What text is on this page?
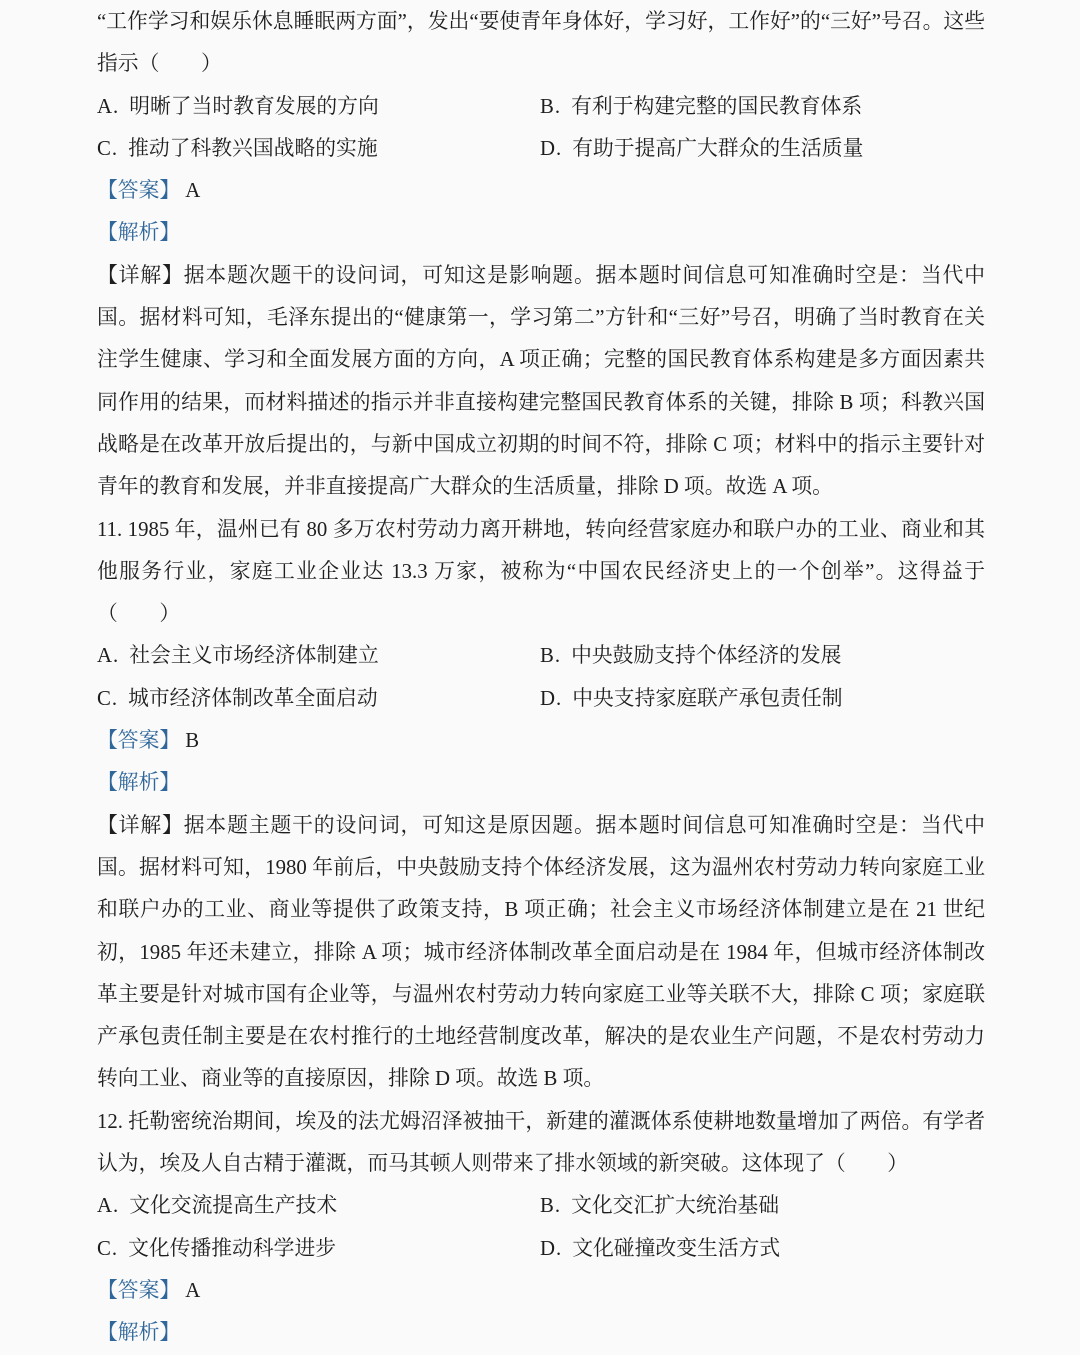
“工作学习和娱乐休息睡眠两方面”，发出“要使青年身体好，学习好，工作好”的“三好”号召。这些指示（　　）

A. 明晰了当时教育发展的方向	B. 有利于构建完整的国民教育体系
C. 推动了科教兴国战略的实施	D. 有助于提高广大群众的生活质量

【答案】 A

【解析】

【详解】据本题次题干的设问词，可知这是影响题。据本题时间信息可知准确时空是：当代中国。据材料可知，毛泽东提出的“健康第一，学习第二”方针和“三好”号召，明确了当时教育在关注学生健康、学习和全面发展方面的方向，A 项正确；完整的国民教育体系构建是多方面因素共同作用的结果，而材料描述的指示并非直接构建完整国民教育体系的关键，排除 B 项；科教兴国战略是在改革开放后提出的，与新中国成立初期的时间不符，排除 C 项；材料中的指示主要针对青年的教育和发展，并非直接提高广大群众的生活质量，排除 D 项。故选 A 项。

11. 1985 年，温州已有 80 多万农村劳动力离开耕地，转向经营家庭办和联户办的工业、商业和其他服务行业，家庭工业企业达 13.3 万家，被称为“中国农民经济史上的一个创举”。这得益于（　　）

A. 社会主义市场经济体制建立	B. 中央鼓励支持个体经济的发展
C. 城市经济体制改革全面启动	D. 中央支持家庭联产承包责任制

【答案】 B

【解析】

【详解】据本题主题干的设问词，可知这是原因题。据本题时间信息可知准确时空是：当代中国。据材料可知，1980 年前后，中央鼓励支持个体经济发展，这为温州农村劳动力转向家庭工业和联户办的工业、商业等提供了政策支持，B 项正确；社会主义市场经济体制建立是在 21 世纪初，1985 年还未建立，排除 A 项；城市经济体制改革全面启动是在 1984 年，但城市经济体制改革主要是针对城市国有企业等，与温州农村劳动力转向家庭工业等关联不大，排除 C 项；家庭联产承包责任制主要是在农村推行的土地经营制度改革，解决的是农业生产问题，不是农村劳动力转向工业、商业等的直接原因，排除 D 项。故选 B 项。

12. 托勒密统治期间，埃及的法尤姆沼泽被抽干，新建的灌溉体系使耕地数量增加了两倍。有学者认为，埃及人自古精于灌溉，而马其顿人则带来了排水领域的新突破。这体现了（　　）

A. 文化交流提高生产技术	B. 文化交汇扩大统治基础
C. 文化传播推动科学进步	D. 文化碰撞改变生活方式

【答案】 A

【解析】
